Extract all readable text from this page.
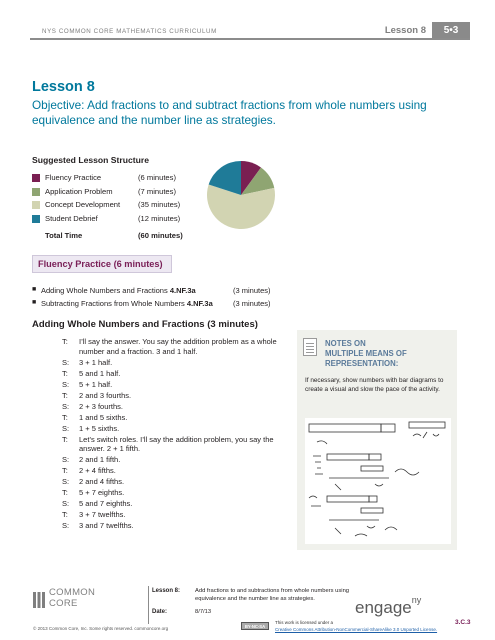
NYS COMMON CORE MATHEMATICS CURRICULUM	Lesson 8	5•3
Lesson 8
Objective: Add fractions to and subtract fractions from whole numbers using equivalence and the number line as strategies.
Suggested Lesson Structure
Fluency Practice	(6 minutes)
Application Problem	(7 minutes)
Concept Development (35 minutes)
Student Debrief	(12 minutes)
Total Time	(60 minutes)
Fluency Practice (6 minutes)
■ Adding Whole Numbers and Fractions 4.NF.3a	(3 minutes)
■ Subtracting Fractions from Whole Numbers 4.NF.3a	(3 minutes)
Adding Whole Numbers and Fractions (3 minutes)
T: I’ll say the answer. You say the addition problem as a whole number and a fraction. 3 and 1 half.
S: 3 + 1 half.
T: 5 and 1 half.
S: 5 + 1 half.
T: 2 and 3 fourths.
S: 2 + 3 fourths.
T: 1 and 5 sixths.
S: 1 + 5 sixths.
T: Let’s switch roles. I’ll say the addition problem, you say the answer. 2 + 1 fifth.
S: 2 and 1 fifth.
T: 2 + 4 fifths.
S: 2 and 4 fifths.
T: 5 + 7 eighths.
S: 5 and 7 eighths.
T: 3 + 7 twelfths.
S: 3 and 7 twelfths.
NOTES ON
MULTIPLE MEANS OF
REPRESENTATION:
If necessary, show numbers with bar diagrams to create a visual and slow the pace of the activity.
COMMON
CORE
Lesson 8:
Date:
Add fractions to and subtractions from whole numbers using equivalence and the number line as strategies.
8/7/13	engage$^{ny}$
3.C.3
© 2013 Common Core, Inc. Some rights reserved. commoncore.org	BY-NC-SA
This work is licensed under a
Creative Commons Attribution-NonCommercial-ShareAlike 3.0 Unported License.
